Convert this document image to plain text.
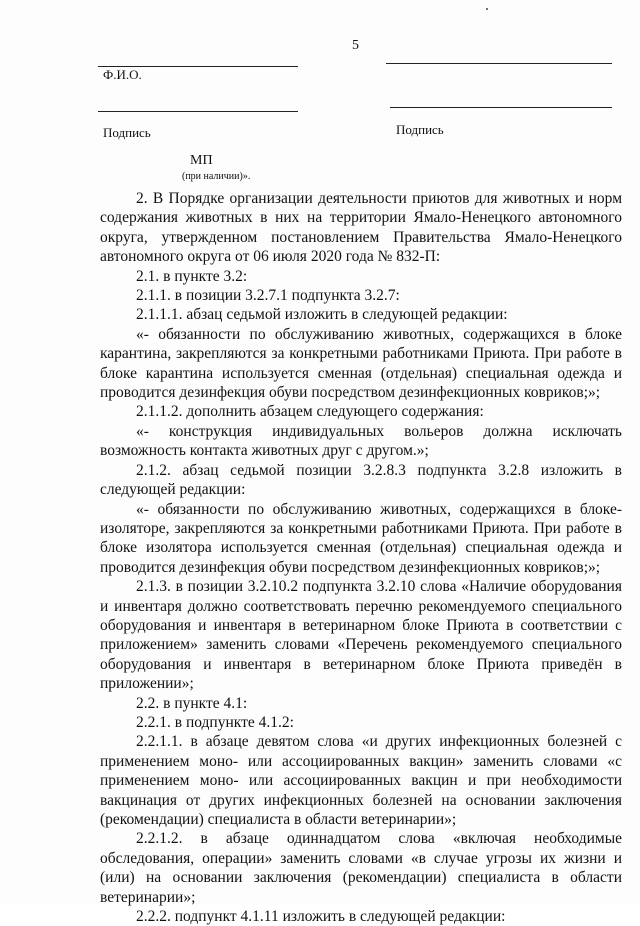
5
Ф.И.О.
Подпись	Подпись
МП
(при наличии)».

2. В Порядке организации деятельности приютов для животных и норм содержания животных в них на территории Ямало-Ненецкого автономного округа, утвержденном постановлением Правительства Ямало-Ненецкого автономного округа от 06 июля 2020 года № 832-П:

2.1. в пункте 3.2:

2.1.1. в позиции 3.2.7.1 подпункта 3.2.7:

2.1.1.1. абзац седьмой изложить в следующей редакции:

«- обязанности по обслуживанию животных, содержащихся в блоке карантина, закрепляются за конкретными работниками Приюта. При работе в блоке карантина используется сменная (отдельная) специальная одежда и проводится дезинфекция обуви посредством дезинфекционных ковриков;»;

2.1.1.2. дополнить абзацем следующего содержания:

«- конструкция индивидуальных вольеров должна исключать возможность контакта животных друг с другом.»;

2.1.2. абзац седьмой позиции 3.2.8.3 подпункта 3.2.8 изложить в следующей редакции:

«- обязанности по обслуживанию животных, содержащихся в блоке-изоляторе, закрепляются за конкретными работниками Приюта. При работе в блоке изолятора используется сменная (отдельная) специальная одежда и проводится дезинфекция обуви посредством дезинфекционных ковриков;»;

2.1.3. в позиции 3.2.10.2 подпункта 3.2.10 слова «Наличие оборудования и инвентаря должно соответствовать перечню рекомендуемого специального оборудования и инвентаря в ветеринарном блоке Приюта в соответствии с приложением» заменить словами «Перечень рекомендуемого специального оборудования и инвентаря в ветеринарном блоке Приюта приведён в приложении»;

2.2. в пункте 4.1:

2.2.1. в подпункте 4.1.2:

2.2.1.1. в абзаце девятом слова «и других инфекционных болезней с применением моно- или ассоциированных вакцин» заменить словами «с применением моно- или ассоциированных вакцин и при необходимости вакцинация от других инфекционных болезней на основании заключения (рекомендации) специалиста в области ветеринарии»;

2.2.1.2. в абзаце одиннадцатом слова «включая необходимые обследования, операции» заменить словами «в случае угрозы их жизни и (или) на основании заключения (рекомендации) специалиста в области ветеринарии»;

2.2.2. подпункт 4.1.11 изложить в следующей редакции:
